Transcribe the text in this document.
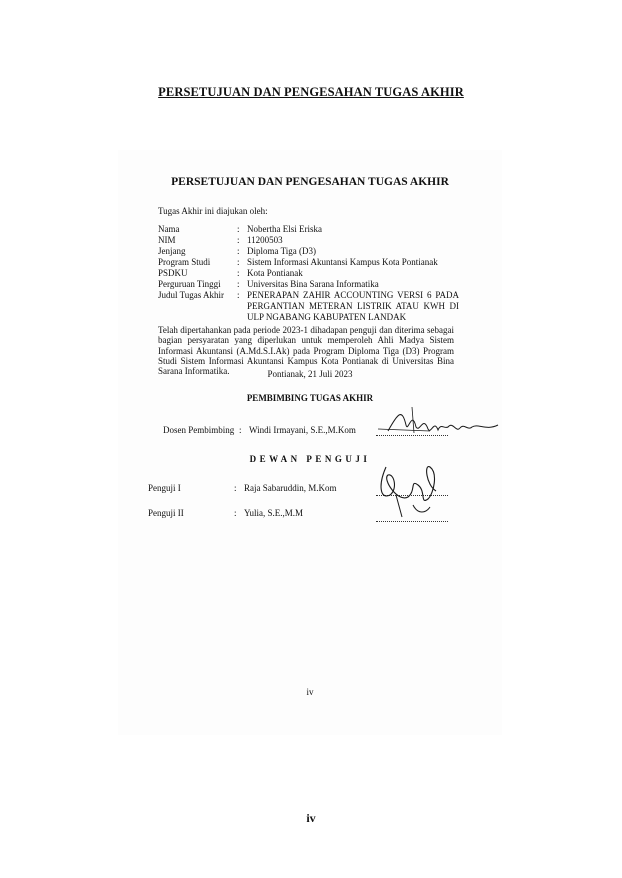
PERSETUJUAN DAN PENGESAHAN TUGAS AKHIR
PERSETUJUAN DAN PENGESAHAN TUGAS AKHIR
Tugas Akhir ini diajukan oleh:
Nama	: Nobertha Elsi Eriska
NIM	: 11200503
Jenjang	: Diploma Tiga (D3)
Program Studi	: Sistem Informasi Akuntansi Kampus Kota Pontianak
PSDKU	: Kota Pontianak
Perguruan Tinggi : Universitas Bina Sarana Informatika
Judul Tugas Akhir : PENERAPAN ZAHIR ACCOUNTING VERSI 6 PADA PERGANTIAN METERAN LISTRIK ATAU KWH DI ULP NGABANG KABUPATEN LANDAK
Telah dipertahankan pada periode 2023-1 dihadapan penguji dan diterima sebagai bagian persyaratan yang diperlukan untuk memperoleh Ahli Madya Sistem Informasi Akuntansi (A.Md.S.I.Ak) pada Program Diploma Tiga (D3) Program Studi Sistem Informasi Akuntansi Kampus Kota Pontianak di Universitas Bina Sarana Informatika.	Pontianak, 21 Juli 2023
PEMBIMBING TUGAS AKHIR
Dosen Pembimbing : Windi Irmayani, S.E.,M.Kom
DEWAN PENGUJI
Penguji I	: Raja Sabaruddin, M.Kom
Penguji II	: Yulia, S.E.,M.M
iv
iv
